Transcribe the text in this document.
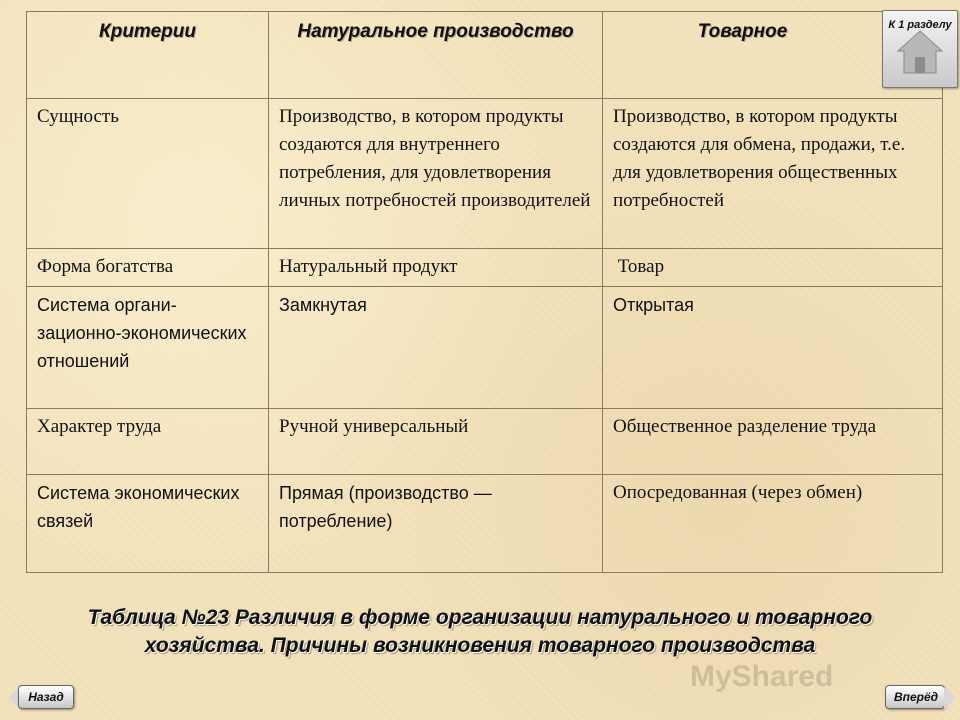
Критерии	Натуральное производство	Товарное
Сущность	Производство, в котором продукты создаются для внутреннего потребления, для удовлетворения личных потребностей производителей	Производство, в котором продукты создаются для обмена, продажи, т.е. для удовлетворения общественных потребностей
Форма богатства	Натуральный продукт	Товар
Система органи-зационно-экономических отношений	Замкнутая	Открытая
Характер труда	Ручной универсальный	Общественное разделение труда
Система экономических связей	Прямая (производство — потребление)	Опосредованная (через обмен)
Таблица №23 Различия в форме организации натурального и товарного хозяйства. Причины возникновения товарного производства
К 1 разделу
Назад	Вперёд
MyShared
